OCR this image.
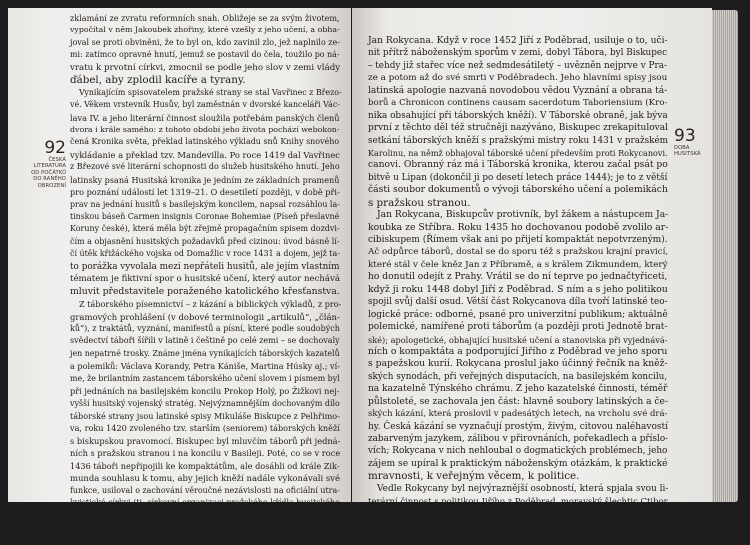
92
ČESKÁ
LITERATURA
OD POČÁTKŮ
DO RANÉHO
OBROZENÍ
zklamání ze zvratu reformních snah. Obližeje se za svým životem,
vypočítal v něm Jakoubek zhořiny, které vzešly z jeho učení, a obha-
joval se proti obviněni, že to byl on, kdo zavinil zlo, jež naplnilo ze-
mi: zatímco opravné hnutí, jemuž se postavil do čela, toužilo po ná-
vratu k prvotní církvi, zmocnil se podle jeho slov v zemi vlády
ďábel, aby zplodil kacíře a tyrany.
Vynikajícím spisovatelem pražské strany se stal Vavřinec z Březo-
vé. Věkem vrstevník Husův, byl zaměstnán v dvorské kanceláři Vác-
lava IV. a jeho literární činnost sloužila potřebám panských členů
dvora i krále samého: z tohoto období jeho života pochází webokon-
čená Kronika světa, překlad latinského výkladu snů Knihy snového
vykládanie a překlad tzv. Mandevilla. Po roce 1419 dal Vavřinec
z Březové své literární schopnosti do služeb husitského hnutí. Jeho
latinsky psaná Husitská kronika je jedním ze základních pramenů
pro poznání událostí let 1319–21. O desetiletí později, v době při-
prav na jednání husitů s basilejským koncilem, napsal rozsáhlou la-
tinskou báseň Carmen insignis Coronae Bohemiae (Píseň přeslavné
Koruny české), která měla být zřejmě propagačním spisem dozdvi-
čím a objasnění husitských požadavků před cizinou: úvod básně lí-
čí útěk křižáckého vojska od Domažlic v roce 1431 a dojem, jejž ta-
to porážka vyvolala mezi nepřáteli husitů, ale jejím vlastním
tématem je fiktivní spor o husitské učení, který autor nechává
mluvit představitele poraženého katolického křesťanstva.
Z táborského písemnictví – z kázání a biblických výkladů, z pro-
gramových prohlášení (v dobové terminologii „artikulů“, „člán-
ků“), z traktátů, vyznání, manifestů a písní, které podle soudobých
svědectví táboři šířili v latině i češtině po celé zemi – se dochovaly
jen nepatrné trosky. Známe jména vynikajících táborských kazatelů
a polemiků: Václava Korandy, Petra Kániše, Martina Húsky aj.; ví-
me, že brilantním zastancem táborského učení slovem i písmem byl
při jednáních na basilejském koncilu Prokop Holý, po Žižkovi nej-
vyšší husitský vojenský stratég. Nejvýznamnějším dochovaným dílo
táborské strany jsou latinské spisy Mikuláše Biskupce z Pelhřimo-
va, roku 1420 zvoleného tzv. starším (seniorem) táborských kněží
s biskupskou pravomocí. Biskupec byl mluvčím táborů při jedná-
ních s pražskou stranou i na koncilu v Basileji. Poté, co se v roce
1436 táboři nepřipojili ke kompaktátům, ale dosáhli od krále Zik-
munda souhlasu k tomu, aby jejich kněží nadále vykonávali své
funkce, usiloval o zachování věroučné nezávislosti na oficiální utra-
kvistické církvi (tj. církevní organizaci pražského křídla husitského
hnutí), jíž stál po smrti Jakoubka ze Stříbra od roku 1429 v čele
Jan Rokycana. Když v roce 1452 Jiří z Poděbrad, usiluje o to, uči-
nit přítrž náboženským sporům v zemi, dobyl Tábora, byl Biskupec
– tehdy již stařec více než sedmdesátiletý – uvězněn nejprve v Pra-
ze a potom až do své smrti v Poděbradech. Jeho hlavními spisy jsou
latinská apologie nazvaná novodobou vědou Vyznání a obrana tá-
borů a Chronicon continens causam sacerdotum Taboriensium (Kro-
nika obsahující při táborských kněží). V Táborské obraně, jak býva
první z těchto děl též stručněji nazýváno, Biskupec zrekapituloval
setkání táborských kněží s pražskými mistry roku 1431 v pražském
Karolinu, na němž obhajoval táborské učení především proti Rokycanovi.
canovi. Obranný ráz má i Táborská kronika, kterou začal psát po
bitvě u Lipan (dokončil ji po desetí letech práce 1444); je to z větší
části soubor dokumentů o vývoji táborského učení a polemikách
s pražskou stranou.
Jan Rokycana, Biskupcův protivník, byl žákem a nástupcem Ja-
koubka ze Stříbra. Roku 1435 ho dochovanou podobě zvolilo ar-
cibiskupem (Římem však ani po přijetí kompaktát nepotvrzeným).
Ač odpůrce táborů, dostal se do sporu též s pražskou krajní pravicí,
které stál v čele kněz Jan z Příbramě, a s králem Zikmundem, který
ho donutil odejít z Prahy. Vrátil se do ní teprve po jednačtyřiceti,
když ji roku 1448 dobyl Jiří z Poděbrad. S ním a s jeho politikou
spojil svůj další osud. Větší část Rokycanova díla tvoří latinské teo-
logické práce: odborné, psané pro univerzitní publikum; aktuálně
polemické, namířené proti táborům (a později proti Jednotě brat-
ské); apologetické, obhajující husitské učení a stanoviska při vyjednává-
ních o kompaktáta a podporující Jiřího z Poděbrad ve jeho sporu
s papežskou kurií. Rokycana proslul jako účinný řečník na kněž-
ských synodách, při veřejných disputacích, na basilejském koncilu,
na kazatelně Týnského chrámu. Z jeho kazatelské činnosti, téměř
půlstoleté, se zachovala jen část: hlavně soubory latinských a če-
ských kázání, která proslovil v padesátých letech, na vrcholu své drá-
hy. Česká kázání se vyznačují prostým, živým, citovou naléhavostí
zabarveným jazykem, zálibou v přirovnáních, pořekadlech a příslo-
vích; Rokycana v nich nehloubal o dogmatických problémech, jeho
zájem se upíral k praktickým náboženským otázkám, k praktické
mravnosti, k veřejným věcem, k politice.
Vedle Rokycany byl nejvýraznější osobností, která spjala svou li-
terární činnost s politikou Jiřího z Poděbrad, moravský šlechtic Ctibor
bor Tovačovský z Cimburka, od roku 1464 dvorský sudí, od roku
1469 nejvyšší hejtman markrabství moravského. V roce 1467 věno-
val králi Jiřímu Hádání Pravdy a Lži: formou soudního sporu se
93
DOBA HUSITSKÁ
